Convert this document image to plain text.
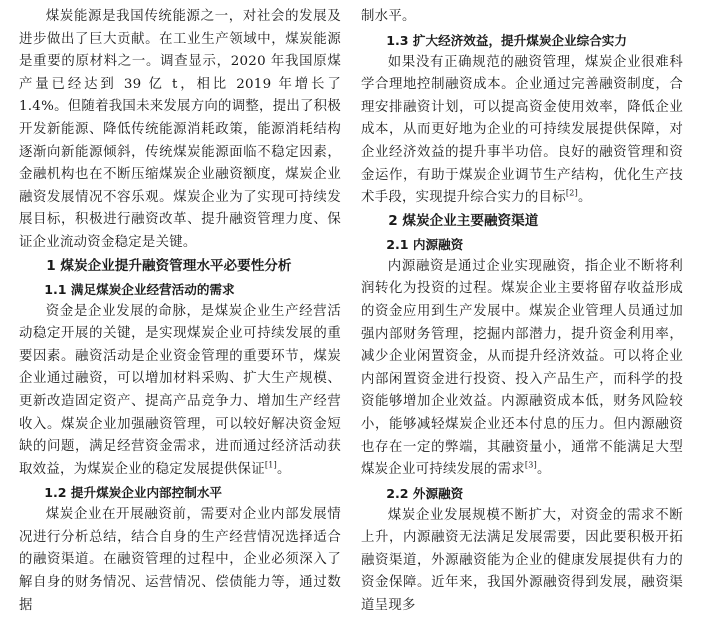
煤炭能源是我国传统能源之一，对社会的发展及进步做出了巨大贡献。在工业生产领域中，煤炭能源是重要的原材料之一。调查显示，2020 年我国原煤产量已经达到 39 亿 t，相比 2019 年增长了 1.4%。但随着我国未来发展方向的调整，提出了积极开发新能源、降低传统能源消耗政策，能源消耗结构逐渐向新能源倾斜，传统煤炭能源面临不稳定因素，金融机构也在不断压缩煤炭企业融资额度，煤炭企业融资发展情况不容乐观。煤炭企业为了实现可持续发展目标，积极进行融资改革、提升融资管理力度、保证企业流动资金稳定是关键。

1 煤炭企业提升融资管理水平必要性分析
1.1 满足煤炭企业经营活动的需求

资金是企业发展的命脉，是煤炭企业生产经营活动稳定开展的关键，是实现煤炭企业可持续发展的重要因素。融资活动是企业资金管理的重要环节，煤炭企业通过融资，可以增加材料采购、扩大生产规模、更新改造固定资产、提高产品竞争力、增加生产经营收入。煤炭企业加强融资管理，可以较好解决资金短缺的问题，满足经营资金需求，进而通过经济活动获取效益，为煤炭企业的稳定发展提供保证[1]。

1.2 提升煤炭企业内部控制水平

煤炭企业在开展融资前，需要对企业内部发展情况进行分析总结，结合自身的生产经营情况选择适合的融资渠道。在融资管理的过程中，企业必须深入了解自身的财务情况、运营情况、偿债能力等，通过数据

制水平。

1.3 扩大经济效益，提升煤炭企业综合实力

如果没有正确规范的融资管理，煤炭企业很难科学合理地控制融资成本。企业通过完善融资制度，合理安排融资计划，可以提高资金使用效率，降低企业成本，从而更好地为企业的可持续发展提供保障，对企业经济效益的提升事半功倍。良好的融资管理和资金运作，有助于煤炭企业调节生产结构，优化生产技术手段，实现提升综合实力的目标[2]。

2 煤炭企业主要融资渠道
2.1 内源融资

内源融资是通过企业实现融资，指企业不断将利润转化为投资的过程。煤炭企业主要将留存收益形成的资金应用到生产发展中。煤炭企业管理人员通过加强内部财务管理，挖掘内部潜力，提升资金利用率，减少企业闲置资金，从而提升经济效益。可以将企业内部闲置资金进行投资、投入产品生产，而科学的投资能够增加企业效益。内源融资成本低，财务风险较小，能够减轻煤炭企业还本付息的压力。但内源融资也存在一定的弊端，其融资量小，通常不能满足大型煤炭企业可持续发展的需求[3]。

2.2 外源融资

煤炭企业发展规模不断扩大，对资金的需求不断上升，内源融资无法满足发展需要，因此要积极开拓融资渠道，外源融资能为企业的健康发展提供有力的资金保障。近年来，我国外源融资得到发展，融资渠道呈现多
